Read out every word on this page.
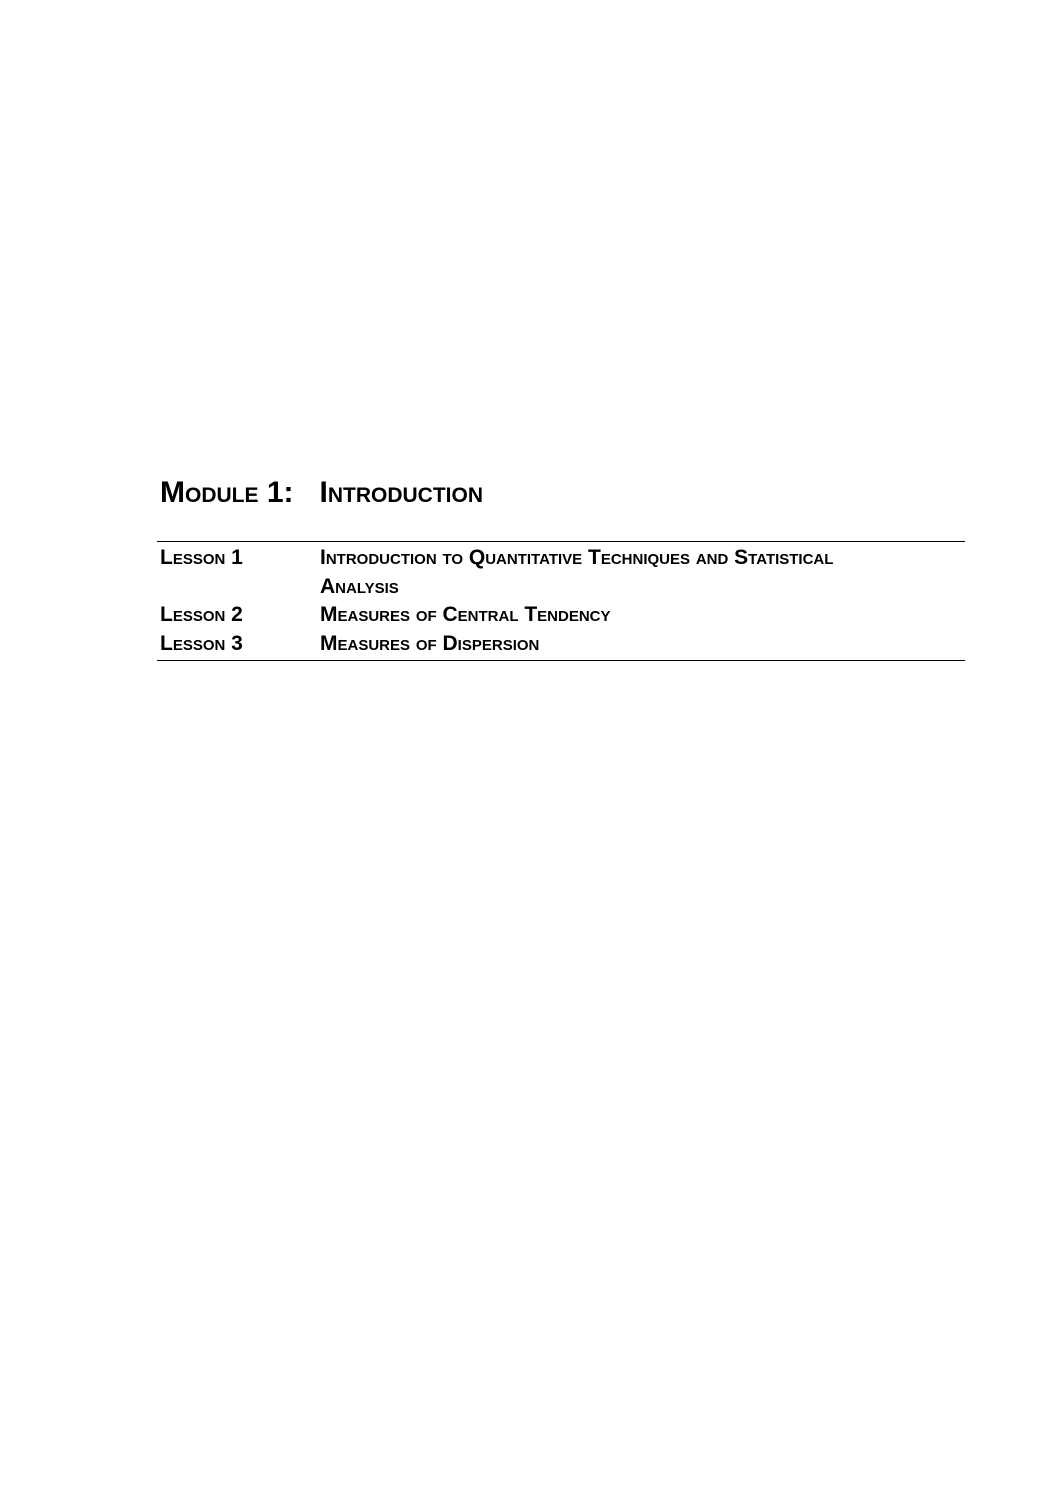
Module 1: Introduction
Lesson 1	Introduction to Quantitative Techniques and Statistical Analysis
Lesson 2	Measures of Central Tendency
Lesson 3	Measures of Dispersion
